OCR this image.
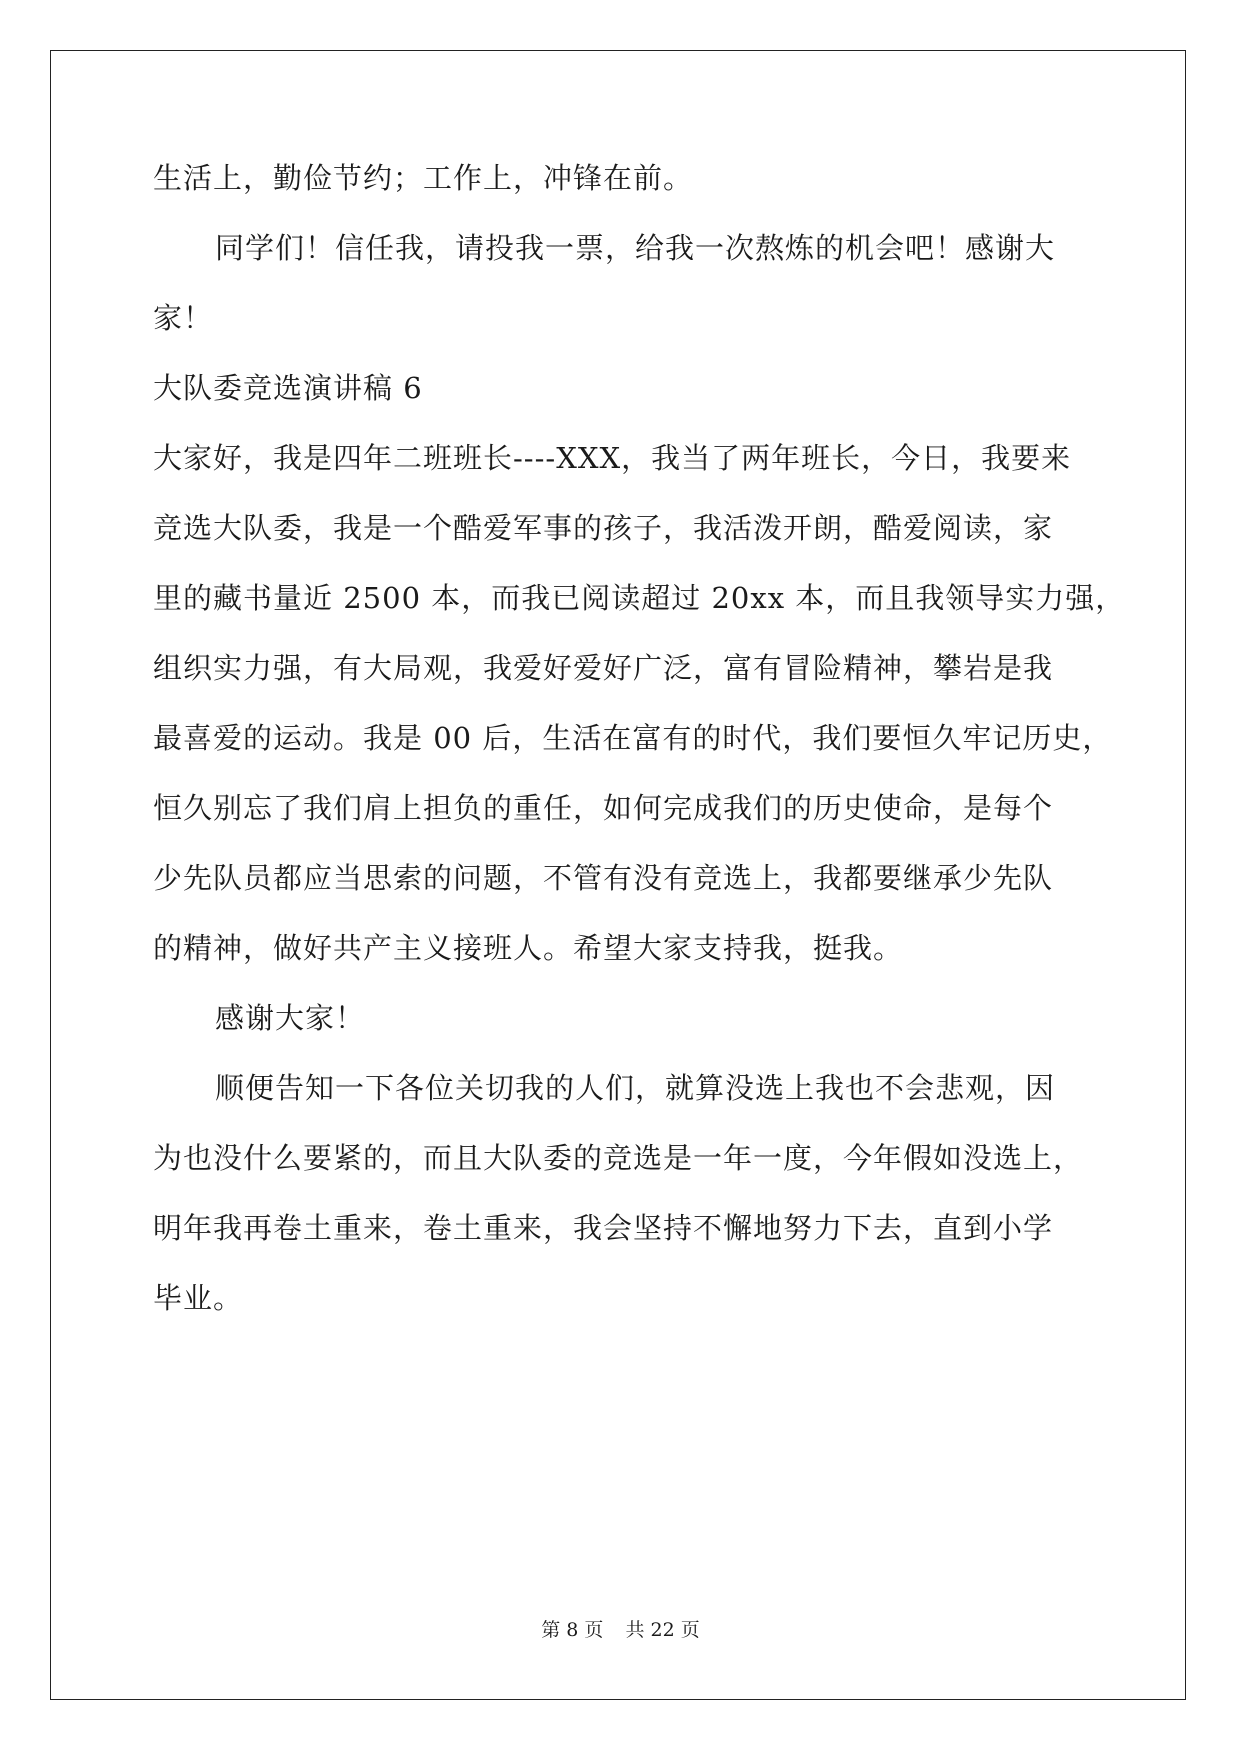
生活上，勤俭节约；工作上，冲锋在前。
同学们！信任我，请投我一票，给我一次熬炼的机会吧！感谢大
家！
大队委竞选演讲稿 6
大家好，我是四年二班班长----XXX，我当了两年班长，今日，我要来
竞选大队委，我是一个酷爱军事的孩子，我活泼开朗，酷爱阅读，家
里的藏书量近 2500 本，而我已阅读超过 20xx 本，而且我领导实力强，
组织实力强，有大局观，我爱好爱好广泛，富有冒险精神，攀岩是我
最喜爱的运动。我是 00 后，生活在富有的时代，我们要恒久牢记历史，
恒久别忘了我们肩上担负的重任，如何完成我们的历史使命，是每个
少先队员都应当思索的问题，不管有没有竞选上，我都要继承少先队
的精神，做好共产主义接班人。希望大家支持我，挺我。
感谢大家！
顺便告知一下各位关切我的人们，就算没选上我也不会悲观，因
为也没什么要紧的，而且大队委的竞选是一年一度，今年假如没选上，
明年我再卷土重来，卷土重来，我会坚持不懈地努力下去，直到小学
毕业。
第 8 页 共 22 页
